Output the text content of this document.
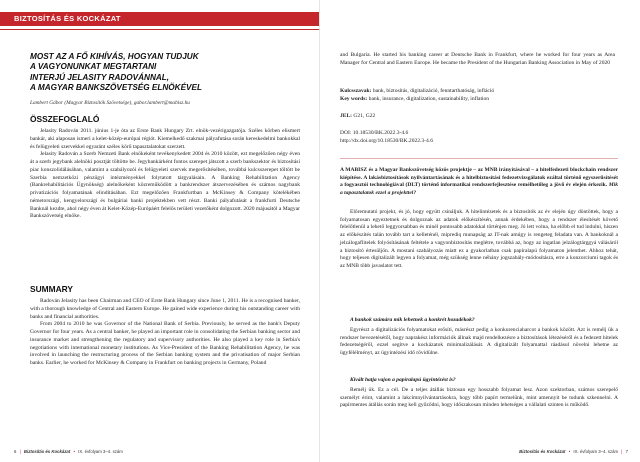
BIZTOSÍTÁS ÉS KOCKÁZAT
MOST AZ A FŐ KIHÍVÁS, HOGYAN TUDJUK
A VAGYONUNKAT MEGTARTANI
INTERJÚ JELASITY RADOVÁNNAL,
A MAGYAR BANKSZÖVETSÉG ELNÖKÉVEL
Lambert Gábor (Magyar Biztosítók Szövetsége), gabor.lambert@mabisz.hu
ÖSSZEFOGLALÓ

Jelasity Radován 2011. június 1-je óta az Erste Bank Hungary Zrt. elnök-vezérigazgatója. Széles körben elismert bankár, aki alaposan ismeri a kelet-közép-európai régiót. Kiemelkedő szakmai pályafutása során kereskedelmi bankokkal és felügyeleti szervekkel egyaránt széles körű tapasztalatokat szerzett.

Jelasity Radován a Szerb Nemzeti Bank elnökeként tevékenykedett 2004 és 2010 között, ezt megelőzően négy éven át a szerb jegybank alelnöki posztját töltötte be. Jegybankárként fontos szerepet játszott a szerb bankszektor és biztosítási piac konszolidálásában, valamint a szabályozói és felügyeleti szervek megerősítésében, továbbá kulcsszerepet töltött be Szerbia nemzetközi pénzügyi intézményekkel folytatott tárgyalásain. A Banking Rehabilitation Agency (Bankrehabilitációs Ügynökség) alelnökeként közreműködött a bankrendszer átszervezésében és számos nagybank privatizációs folyamatának elindításában. Ezt megelőzően Frankfurtban a McKinsey & Company kötelékében németországi, kengyelországi és bulgáriai banki projektekben vett részt. Banki pályafutását a frankfurti Deutsche Banknál kezdte, ahol négy éven át Kelet-Közép-Európáért felelős területi vezetőként dolgozott. 2020 májusától a Magyar Bankszövetség elnöke.

SUMMARY

Radován Jelasity has been Chairman and CEO of Erste Bank Hungary since June 1, 2011. He is a recognised banker, with a thorough knowledge of Central and Eastern Europe. He gained wide experience during his outstanding career with banks and financial authorities.

From 2004 to 2010 he was Governor of the National Bank of Serbia. Previously, he served as the bank's Deputy Governor for four years. As a central banker, he played an important role in consolidating the Serbian banking sector and insurance market and strengthening the regulatory and supervisory authorities. He also played a key role in Serbia's negotiations with international monetary institutions. As Vice-President of the Banking Rehabilitation Agency, he was involved in launching the restructuring process of the Serbian banking system and the privatisation of major Serbian banks. Earlier, he worked for McKinsey & Company in Frankfurt on banking projects in Germany, Poland

6 | Biztosítás és Kockázat • IX. évfolyam 3–4. szám

and Bulgaria. He started his banking career at Deutsche Bank in Frankfurt, where he worked for four years as Area Manager for Central and Eastern Europe. He became the President of the Hungarian Banking Association in May of 2020

Kulcsszavak: bank, biztosítás, digitalizáció, fenntarthatóság, infláció

Key words: bank, insurance, digitalization, sustainability, inflation

JEL: G21, G22

DOI: 10.18530/BK.2022.3-4.6

http://dx.doi.org/10.18530/BK.2022.3-4.6

A MABISZ és a Magyar Bankszövetség közös projektje – az MNB irányításával – a hitelfedezeti blockchain rendszer kiépítése. A lakásbiztosítások nyilvántartásának és a hitelbiztosítási fedezetvizsgálatok ezáltal történő egyszerűsítését a fogyasztói technológiával (DLT) történő informatikai rendszerfejlesztése remélhetőleg a jövő év elején érkezik. Mik a tapasztalatok ezzel a projekttel?

Előremutató projekt, és jó, hogy együtt csináljuk. A hitelintézetek és a biztosítók az év elején úgy döntöttek, hogy a folyamatosan egyeztetnek és dolgoznak az adatok előkészítésén, annak érdekében, hogy a rendszer élesítését követő felelőtlenül a lehető leggyorsabban és minél pontosabb adatokkal történjen meg. Jó lett volna, ha előbb el tud indulni, hiszen az előkészítés talán tovább tart a kelleténél, miprediq munapság az IT-nak amúgy is rengeteg feladata van. A bankoknál a jelzálogaflitelek folyósításának feltétele a vagyonbiztosítás meglétre, továbbá az, hogy az ingatlan jelzálogtárggyá válásáról a biztosító értesüljön. A mostani szabályozás miatt ez a gyakorlatban csak papíralapú folyamaton jelenthet. Ahhoz tehát, hogy teljesen digitalizált legyen a folyamat, még szükség lenne néhány jogszabály-módosításra, erre a konzorciumi tagok és az MNB több javaslatot tett.

A bankok számára mik lehetnek a konkrét hozadékok?

Egyrészt a digitalizációs folyamatokat erősíti, másrészt pedig a konkurenciaharcot a bankok között. Azt is remélj ük a rendszer bevezetésétől, hogy naprakész információk állnak majd rendelkezésre a biztosítások létezéséről és a fedezett hitelek fedezetségéről, ezzel segítve a kockázatok minimalizálását. A digitalizált folyamattal ráadásul növelni lehetne az ügyfélélményt, az ügyintézési idő rövidülne.

Kivált hatja vajon a papíralapú ügyintézést is?

Remélj ük. Ez a cél. De a teljes átállás biztosan egy hosszabb folyamat lesz. Azon szektorban, számos szerepelő személyt érint, valamint a lakcímnyilvántartásokra, hogy több papírt termelünk, mint amennyit be tudunk szkennelni. A papírmentes átállás során meg kell győződni, hogy időszakosan minden lehetséges a vállalati szinten is működő.

Biztosítás és Kockázat • IX. évfolyam 3–4. szám | 7
